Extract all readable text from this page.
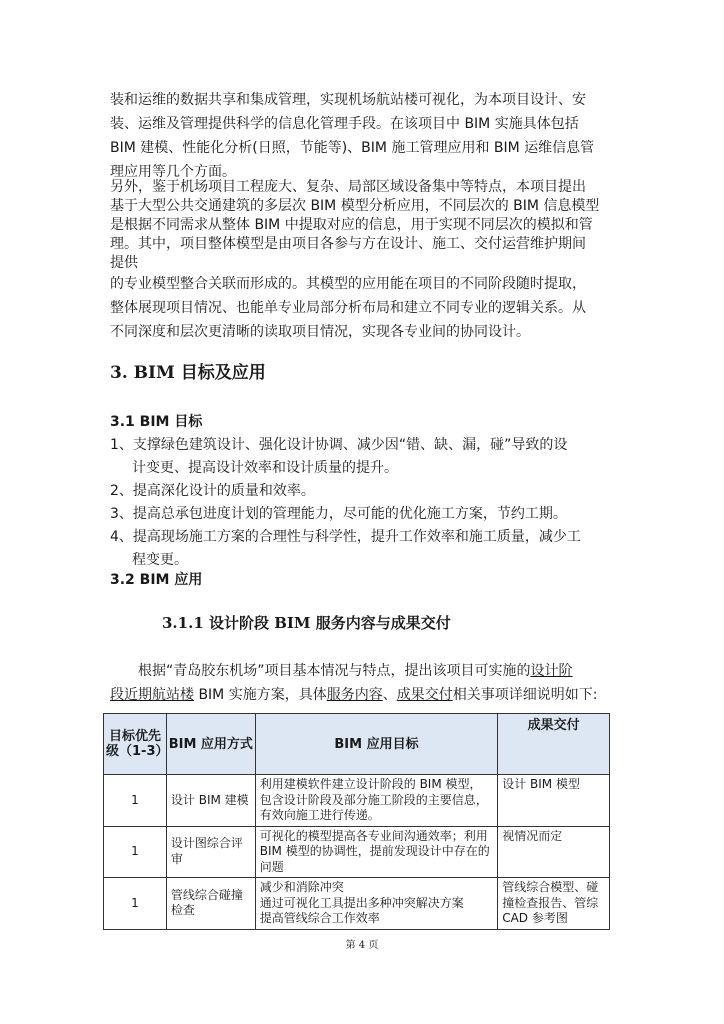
装和运维的数据共享和集成管理，实现机场航站楼可视化，为本项目设计、安
装、运维及管理提供科学的信息化管理手段。在该项目中 BIM 实施具体包括
BIM 建模、性能化分析(日照，节能等)、BIM 施工管理应用和 BIM 运维信息管
理应用等几个方面。
另外，鉴于机场项目工程庞大、复杂、局部区域设备集中等特点，本项目提出
基于大型公共交通建筑的多层次 BIM 模型分析应用，不同层次的 BIM 信息模型
是根据不同需求从整体 BIM 中提取对应的信息，用于实现不同层次的模拟和管
理。其中，项目整体模型是由项目各参与方在设计、施工、交付运营维护期间
提供
的专业模型整合关联而形成的。其模型的应用能在项目的不同阶段随时提取，
整体展现项目情况、也能单专业局部分析布局和建立不同专业的逻辑关系。从
不同深度和层次更清晰的读取项目情况，实现各专业间的协同设计。
3. BIM 目标及应用
3.1 BIM 目标
1、支撑绿色建筑设计、强化设计协调、减少因“错、缺、漏，碰”导致的设
计变更、提高设计效率和设计质量的提升。
2、提高深化设计的质量和效率。
3、提高总承包进度计划的管理能力，尽可能的优化施工方案，节约工期。
4、提高现场施工方案的合理性与科学性，提升工作效率和施工质量，减少工
程变更。
3.2 BIM 应用
3.1.1 设计阶段 BIM 服务内容与成果交付
根据“青岛胶东机场”项目基本情况与特点，提出该项目可实施的设计阶
段近期航站楼 BIM 实施方案，具体服务内容、成果交付相关事项详细说明如下:
目标优先级（1-3）	BIM 应用方式	BIM 应用目标	成果交付
1	设计 BIM 建模	利用建模软件建立设计阶段的 BIM 模型，包含设计阶段及部分施工阶段的主要信息，有效向施工进行传递。	设计 BIM 模型
1	设计图综合评审	可视化的模型提高各专业间沟通效率；利用 BIM 模型的协调性，提前发现设计中存在的问题	视情况而定
1	管线综合碰撞检查	减少和消除冲突
通过可视化工具提出多种冲突解决方案
提高管线综合工作效率	管线综合模型、碰撞检查报告、管综 CAD 参考图
第 4 页
